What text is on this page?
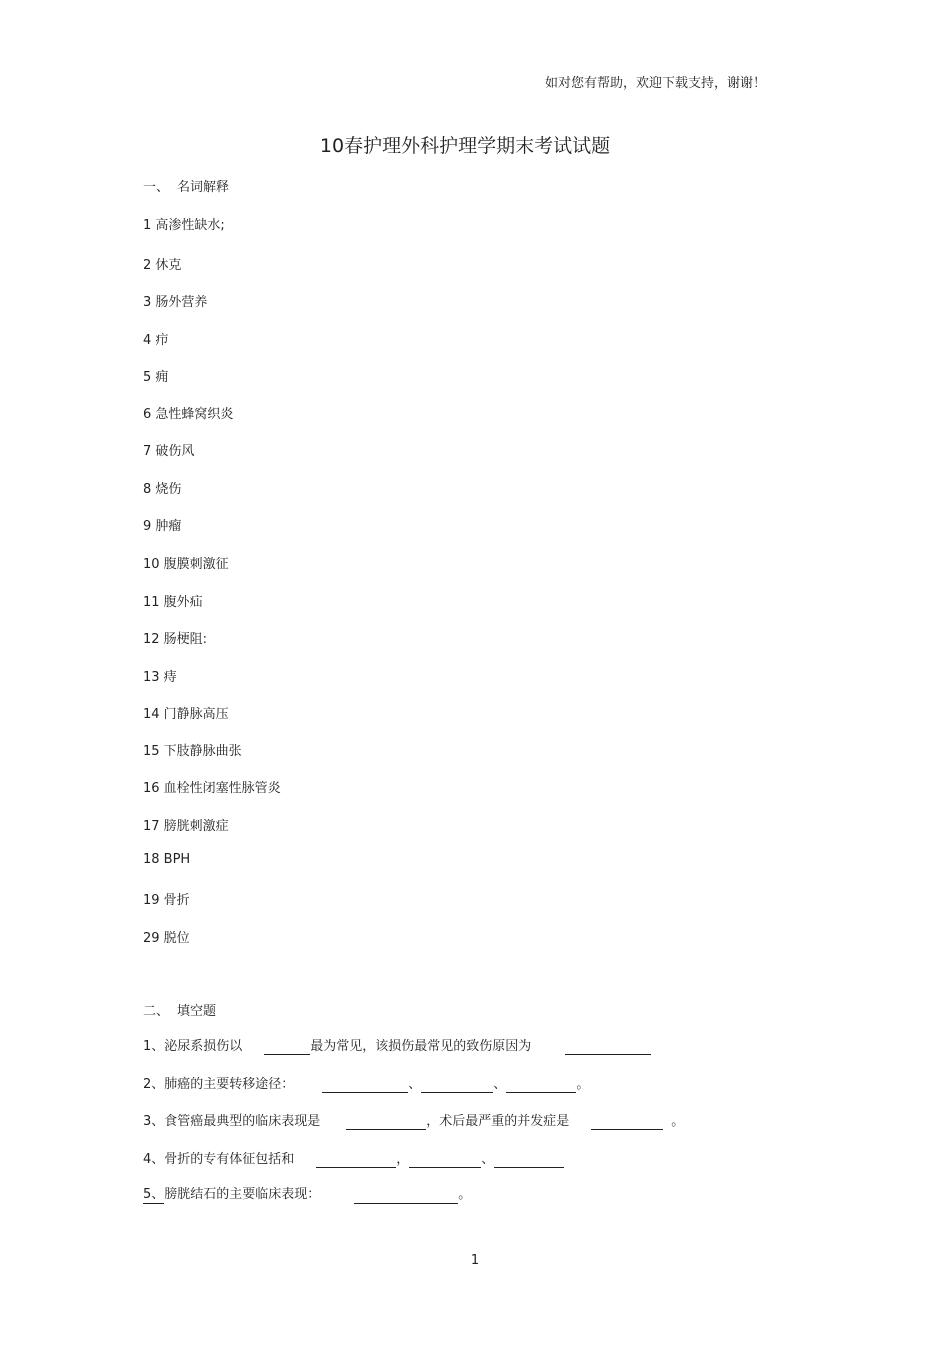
如对您有帮助，欢迎下载支持，谢谢！
10春护理外科护理学期末考试试题
一、 名词解释
1 高渗性缺水;
2 休克
3 肠外营养
4 疖
5 痈
6 急性蜂窝织炎
7 破伤风
8 烧伤
9 肿瘤
10 腹膜刺激征
11 腹外疝
12 肠梗阻:
13 痔
14 门静脉高压
15 下肢静脉曲张
16 血栓性闭塞性脉管炎
17 膀胱刺激症
18 BPH
19 骨折
29 脱位
二、 填空题
1、泌尿系损伤以	最为常见，该损伤最常见的致伤原因为
2、肺癌的主要转移途径：	、	、	。
3、食管癌最典型的临床表现是	，术后最严重的并发症是	。
4、骨折的专有体征包括和	，	、
5、膀胱结石的主要临床表现：	。
1
